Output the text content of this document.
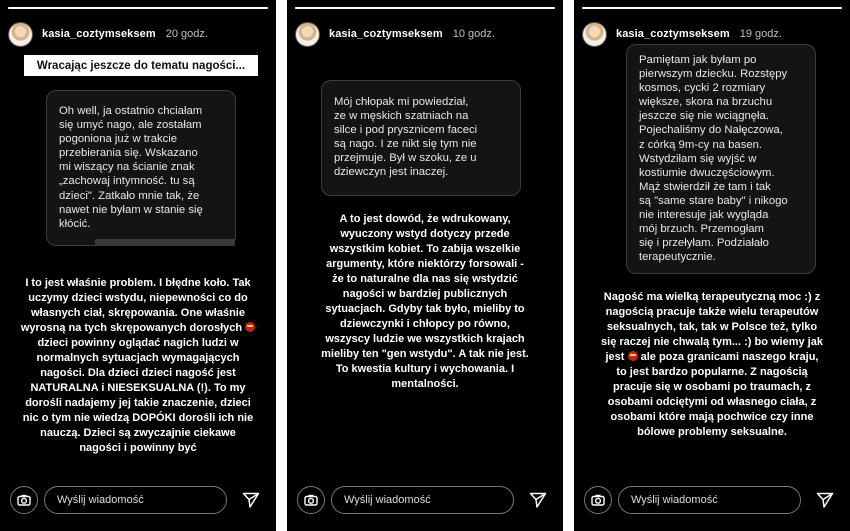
kasia_coztymseksem 20 godz.
Wracając jeszcze do tematu nagości...
Oh well, ja ostatnio chciałam
się umyć nago, ale zostałam
pogoniona już w trakcie
przebierania się. Wskazano
mi wiszący na ścianie znak
„zachowaj intymność. tu są
dzieci". Zatkało mnie tak, że
nawet nie byłam w stanie się
kłócić.
I to jest właśnie problem. I błędne koło. Tak
uczymy dzieci wstydu, niepewności co do
własnych ciał, skrępowania. One właśnie
wyrosną na tych skrępowanych dorosłych
dzieci powinny oglądać nagich ludzi w
normalnych sytuacjach wymagających
nagości. Dla dzieci dzieci nagość jest
NATURALNA i NIESEKSUALNA (!). To my
dorośli nadajemy jej takie znaczenie, dzieci
nic o tym nie wiedzą DOPÓKI dorośli ich nie
nauczą. Dzieci są zwyczajnie ciekawe
nagości i powinny być
Wyślij wiadomość
kasia_coztymseksem 10 godz.
Mój chłopak mi powiedział,
ze w męskich szatniach na
silce i pod prysznicem faceci
są nago. I ze nikt się tym nie
przejmuje. Był w szoku, ze u
dziewczyn jest inaczej.
A to jest dowód, że wdrukowany,
wyuczony wstyd dotyczy przede
wszystkim kobiet. To zabija wszelkie
argumenty, które niektórzy forsowali -
że to naturalne dla nas się wstydzić
nagości w bardziej publicznych
sytuacjach. Gdyby tak było, mieliby to
dziewczynki i chłopcy po równo,
wszyscy ludzie we wszystkich krajach
mieliby ten "gen wstydu". A tak nie jest.
To kwestia kultury i wychowania. I
mentalności.
Wyślij wiadomość
kasia_coztymseksem 19 godz.
Pamiętam jak byłam po
pierwszym dziecku. Rozstępy
kosmos, cycki 2 rozmiary
większe, skora na brzuchu
jeszcze się nie wciągnęła.
Pojechaliśmy do Nałęczowa,
z córką 9m-cy na basen.
Wstydziłam się wyjść w
kostiumie dwuczęściowym.
Mąż stwierdził że tam i tak
są "same stare baby" i nikogo
nie interesuje jak wygląda
mój brzuch. Przemogłam
się i przełyłam. Podziałało
terapeutycznie.
Nagość ma wielką terapeutyczną moc :) z
nagością pracuje także wielu terapeutów
seksualnych, tak, tak w Polsce też, tylko
się raczej nie chwalą tym... :) bo wiemy jak
jest ale poza granicami naszego kraju,
to jest bardzo popularne. Z nagością
pracuje się w osobami po traumach, z
osobami odciętymi od własnego ciała, z
osobami które mają pochwice czy inne
bólowe problemy seksualne.
Wyślij wiadomość
